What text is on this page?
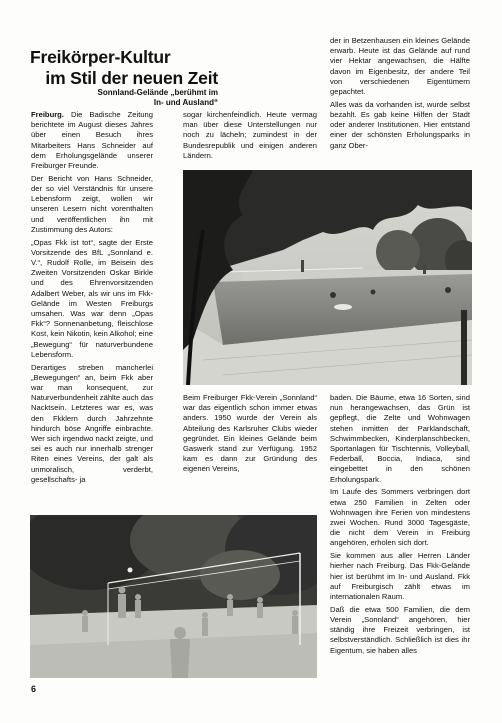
Freikörper-Kultur
im Stil der neuen Zeit
Sonnland-Gelände „berühmt im In- und Ausland“

Freiburg. Die Badische Zeitung berichtete im August dieses Jahres über einen Besuch ihres Mitarbeiters Hans Schneider auf dem Erholungsgelände unserer Freiburger Freunde.

Der Bericht von Hans Schneider, der so viel Verständnis für unsere Lebensform zeigt, wollen wir unseren Lesern nicht vorenthalten und veröffentlichen ihn mit Zustimmung des Autors:

„Opas Fkk ist tot“, sagte der Erste Vorsitzende des BfL „Sonnland e. V.“, Rudolf Rolle, im Beisein des Zweiten Vorsitzenden Oskar Birkle und des Ehrenvorsitzenden Adalbert Weber, als wir uns im Fkk-Gelände im Westen Freiburgs umsahen. Was war denn „Opas Fkk“? Sonnenanbetung, fleischlose Kost, kein Nikotin, kein Alkohol; eine „Bewegung“ für naturverbundene Lebensform.

Derartiges streben mancherlei „Bewegungen“ an, beim Fkk aber war man konsequent, zur Naturverbundenheit zählte auch das Nacktsein. Letzteres war es, was den Fkklern durch Jahrzehnte hindurch böse Angriffe einbrachte. Wer sich irgendwo nackt zeigte, und sei es auch nur innerhalb strenger Riten eines Vereins, der galt als unmoralisch, verderbt, gesellschafts- ja

sogar kirchenfeindlich. Heute vermag man über diese Unterstellungen nur noch zu lächeln; zumindest in der Bundesrepublik und einigen anderen Ländern.

Beim Freiburger Fkk-Verein „Sonnland“ war das eigentlich schon immer etwas anders. 1950 wurde der Verein als Abteilung des Karlsruher Clubs wieder gegründet. Ein kleines Gelände beim Gaswerk stand zur Verfügung. 1952 kam es dann zur Gründung des eigenen Vereins,

der in Betzenhausen ein kleines Gelände erwarb. Heute ist das Gelände auf rund vier Hektar angewachsen, die Hälfte davon im Eigenbesitz, der andere Teil von verschiedenen Eigentümern gepachtet.

Alles was da vorhanden ist, wurde selbst bezahlt. Es gab keine Hilfen der Stadt oder anderer Institutionen. Hier entstand einer der schönsten Erholungsparks in ganz Ober-

baden. Die Bäume, etwa 16 Sorten, sind nun herangewachsen, das Grün ist gepflegt, die Zelte und Wohnwagen stehen inmitten der Parklandschaft, Schwimmbecken, Kinderplanschbecken, Sportanlagen für Tischtennis, Volleyball, Federball, Boccia, Indiaca, sind eingebettet in den schönen Erholungspark.

Im Laufe des Sommers verbringen dort etwa 250 Familien in Zelten oder Wohnwagen ihre Ferien von mindestens zwei Wochen. Rund 3000 Tagesgäste, die nicht dem Verein in Freiburg angehören, erholen sich dort.

Sie kommen aus aller Herren Länder hierher nach Freiburg. Das Fkk-Gelände hier ist berühmt im In- und Ausland. Fkk auf Freiburgisch zählt etwas im internationalen Raum.

Daß die etwa 500 Familien, die dem Verein „Sonnland“ angehören, hier ständig ihre Freizeit verbringen, ist selbstverständlich. Schließlich ist dies ihr Eigentum, sie haben alles

6
